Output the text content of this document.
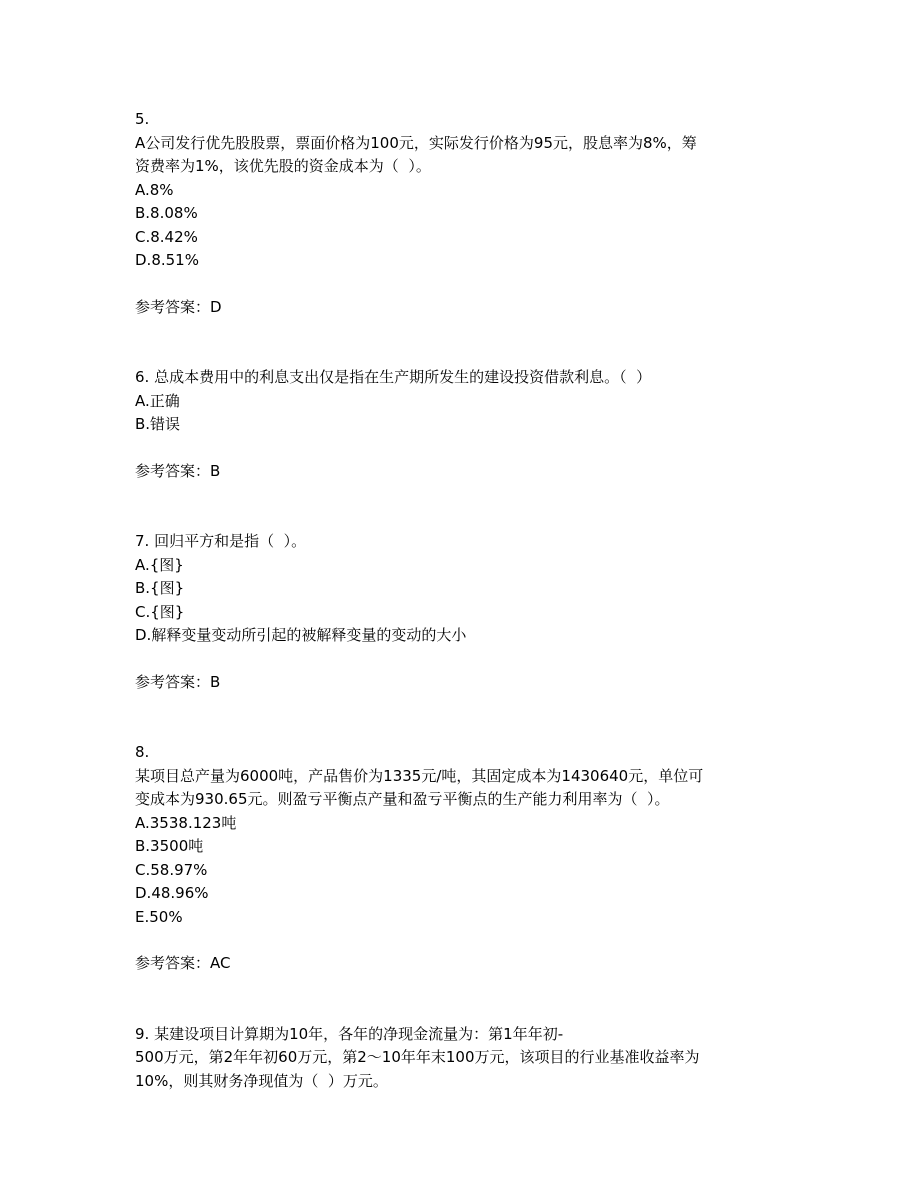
5.
A公司发行优先股股票，票面价格为100元，实际发行价格为95元，股息率为8%，筹
资费率为1%，该优先股的资金成本为（  ）。
A.8%
B.8.08%
C.8.42%
D.8.51%
参考答案：D
6. 总成本费用中的利息支出仅是指在生产期所发生的建设投资借款利息。（  ）
A.正确
B.错误
参考答案：B
7. 回归平方和是指（  ）。
A.{图}
B.{图}
C.{图}
D.解释变量变动所引起的被解释变量的变动的大小
参考答案：B
8.
某项目总产量为6000吨，产品售价为1335元/吨，其固定成本为1430640元，单位可
变成本为930.65元。则盈亏平衡点产量和盈亏平衡点的生产能力利用率为（  ）。
A.3538.123吨
B.3500吨
C.58.97%
D.48.96%
E.50%
参考答案：AC
9. 某建设项目计算期为10年，各年的净现金流量为：第1年年初-
500万元，第2年年初60万元，第2～10年年末100万元，该项目的行业基准收益率为
10%，则其财务净现值为（  ）万元。
